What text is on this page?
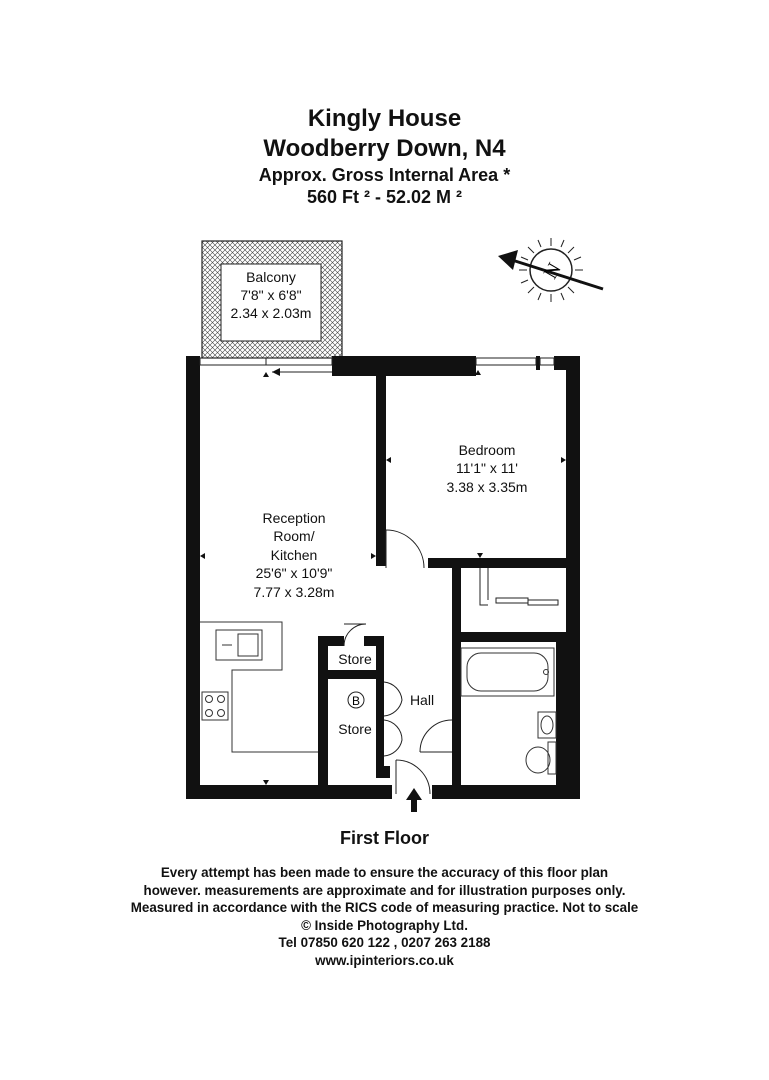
Kingly House
Woodberry Down, N4
Approx. Gross Internal Area *
560 Ft ² - 52.02 M ²
N
B
Balcony
7'8" x 6'8"
2.34 x 2.03m
Bedroom
11'1" x 11'
3.38 x 3.35m
Reception
Room/
Kitchen
25'6" x 10'9"
7.77 x 3.28m
Store
Store
Hall
First Floor
Every attempt has been made to ensure the accuracy of this floor plan
however. measurements are approximate and for illustration purposes only.
Measured in accordance with the RICS code of measuring practice. Not to scale
© Inside Photography Ltd.
Tel 07850 620 122 , 0207 263 2188
www.ipinteriors.co.uk
